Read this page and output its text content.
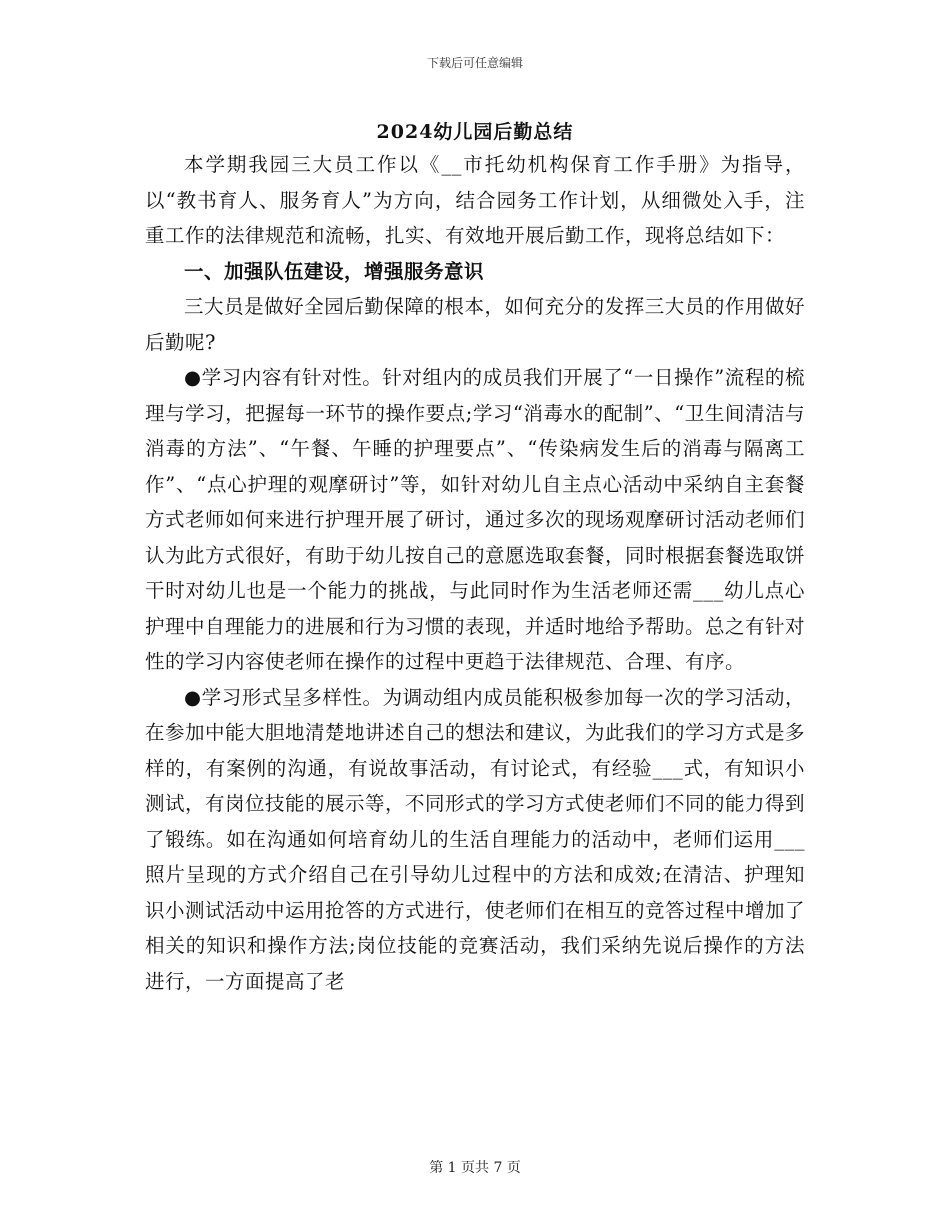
下载后可任意编辑
2024幼儿园后勤总结

本学期我园三大员工作以《__市托幼机构保育工作手册》为指导，以“教书育人、服务育人”为方向，结合园务工作计划，从细微处入手，注重工作的法律规范和流畅，扎实、有效地开展后勤工作，现将总结如下：

一、加强队伍建设，增强服务意识

三大员是做好全园后勤保障的根本，如何充分的发挥三大员的作用做好后勤呢?

●学习内容有针对性。针对组内的成员我们开展了“一日操作”流程的梳理与学习，把握每一环节的操作要点;学习“消毒水的配制”、“卫生间清洁与消毒的方法”、“午餐、午睡的护理要点”、“传染病发生后的消毒与隔离工作”、“点心护理的观摩研讨”等，如针对幼儿自主点心活动中采纳自主套餐方式老师如何来进行护理开展了研讨，通过多次的现场观摩研讨活动老师们认为此方式很好，有助于幼儿按自己的意愿选取套餐，同时根据套餐选取饼干时对幼儿也是一个能力的挑战，与此同时作为生活老师还需___幼儿点心护理中自理能力的进展和行为习惯的表现，并适时地给予帮助。总之有针对性的学习内容使老师在操作的过程中更趋于法律规范、合理、有序。

●学习形式呈多样性。为调动组内成员能积极参加每一次的学习活动，在参加中能大胆地清楚地讲述自己的想法和建议，为此我们的学习方式是多样的，有案例的沟通，有说故事活动，有讨论式，有经验___式，有知识小测试，有岗位技能的展示等，不同形式的学习方式使老师们不同的能力得到了锻练。如在沟通如何培育幼儿的生活自理能力的活动中，老师们运用___照片呈现的方式介绍自己在引导幼儿过程中的方法和成效;在清洁、护理知识小测试活动中运用抢答的方式进行，使老师们在相互的竞答过程中增加了相关的知识和操作方法;岗位技能的竞赛活动，我们采纳先说后操作的方法进行，一方面提高了老

第 1 页共 7 页
